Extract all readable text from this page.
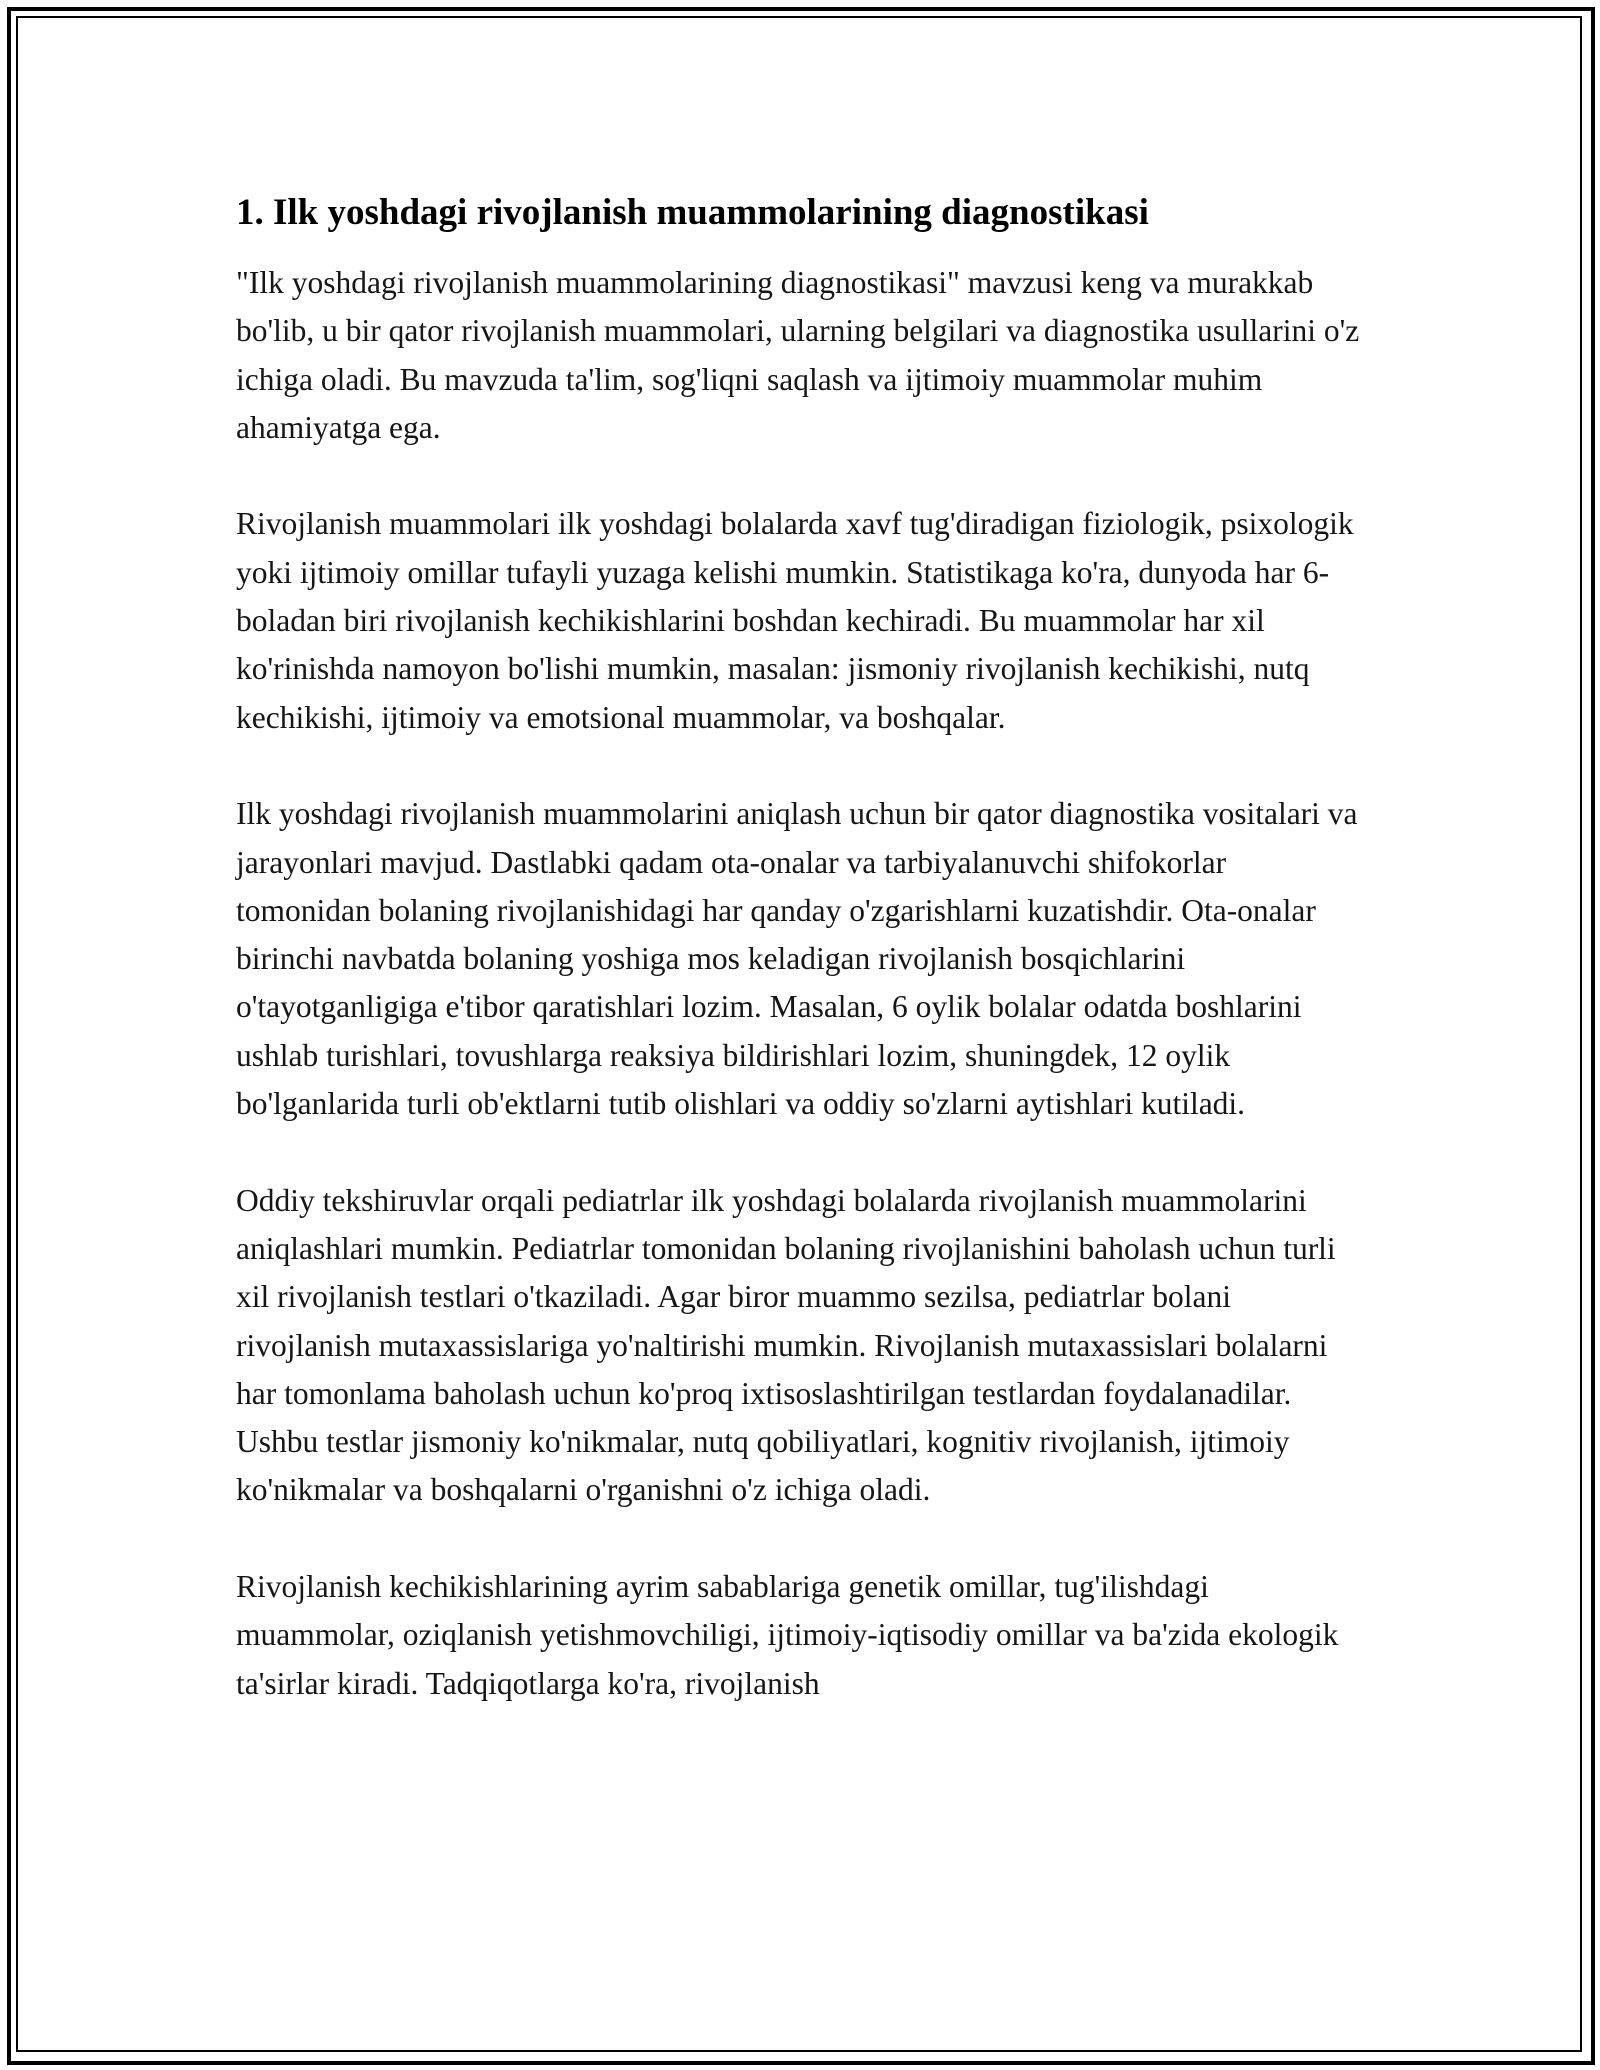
1. Ilk yoshdagi rivojlanish muammolarining diagnostikasi

"Ilk yoshdagi rivojlanish muammolarining diagnostikasi" mavzusi keng va murakkab bo'lib, u bir qator rivojlanish muammolari, ularning belgilari va diagnostika usullarini o'z ichiga oladi. Bu mavzuda ta'lim, sog'liqni saqlash va ijtimoiy muammolar muhim ahamiyatga ega.

Rivojlanish muammolari ilk yoshdagi bolalarda xavf tug'diradigan fiziologik, psixologik yoki ijtimoiy omillar tufayli yuzaga kelishi mumkin. Statistikaga ko'ra, dunyoda har 6-boladan biri rivojlanish kechikishlarini boshdan kechiradi. Bu muammolar har xil ko'rinishda namoyon bo'lishi mumkin, masalan: jismoniy rivojlanish kechikishi, nutq kechikishi, ijtimoiy va emotsional muammolar, va boshqalar.

Ilk yoshdagi rivojlanish muammolarini aniqlash uchun bir qator diagnostika vositalari va jarayonlari mavjud. Dastlabki qadam ota-onalar va tarbiyalanuvchi shifokorlar tomonidan bolaning rivojlanishidagi har qanday o'zgarishlarni kuzatishdir. Ota-onalar birinchi navbatda bolaning yoshiga mos keladigan rivojlanish bosqichlarini o'tayotganligiga e'tibor qaratishlari lozim. Masalan, 6 oylik bolalar odatda boshlarini ushlab turishlari, tovushlarga reaksiya bildirishlari lozim, shuningdek, 12 oylik bo'lganlarida turli ob'ektlarni tutib olishlari va oddiy so'zlarni aytishlari kutiladi.

Oddiy tekshiruvlar orqali pediatrlar ilk yoshdagi bolalarda rivojlanish muammolarini aniqlashlari mumkin. Pediatrlar tomonidan bolaning rivojlanishini baholash uchun turli xil rivojlanish testlari o'tkaziladi. Agar biror muammo sezilsa, pediatrlar bolani rivojlanish mutaxassislariga yo'naltirishi mumkin. Rivojlanish mutaxassislari bolalarni har tomonlama baholash uchun ko'proq ixtisoslashtirilgan testlardan foydalanadilar. Ushbu testlar jismoniy ko'nikmalar, nutq qobiliyatlari, kognitiv rivojlanish, ijtimoiy ko'nikmalar va boshqalarni o'rganishni o'z ichiga oladi.

Rivojlanish kechikishlarining ayrim sabablariga genetik omillar, tug'ilishdagi muammolar, oziqlanish yetishmovchiligi, ijtimoiy-iqtisodiy omillar va ba'zida ekologik ta'sirlar kiradi. Tadqiqotlarga ko'ra, rivojlanish
